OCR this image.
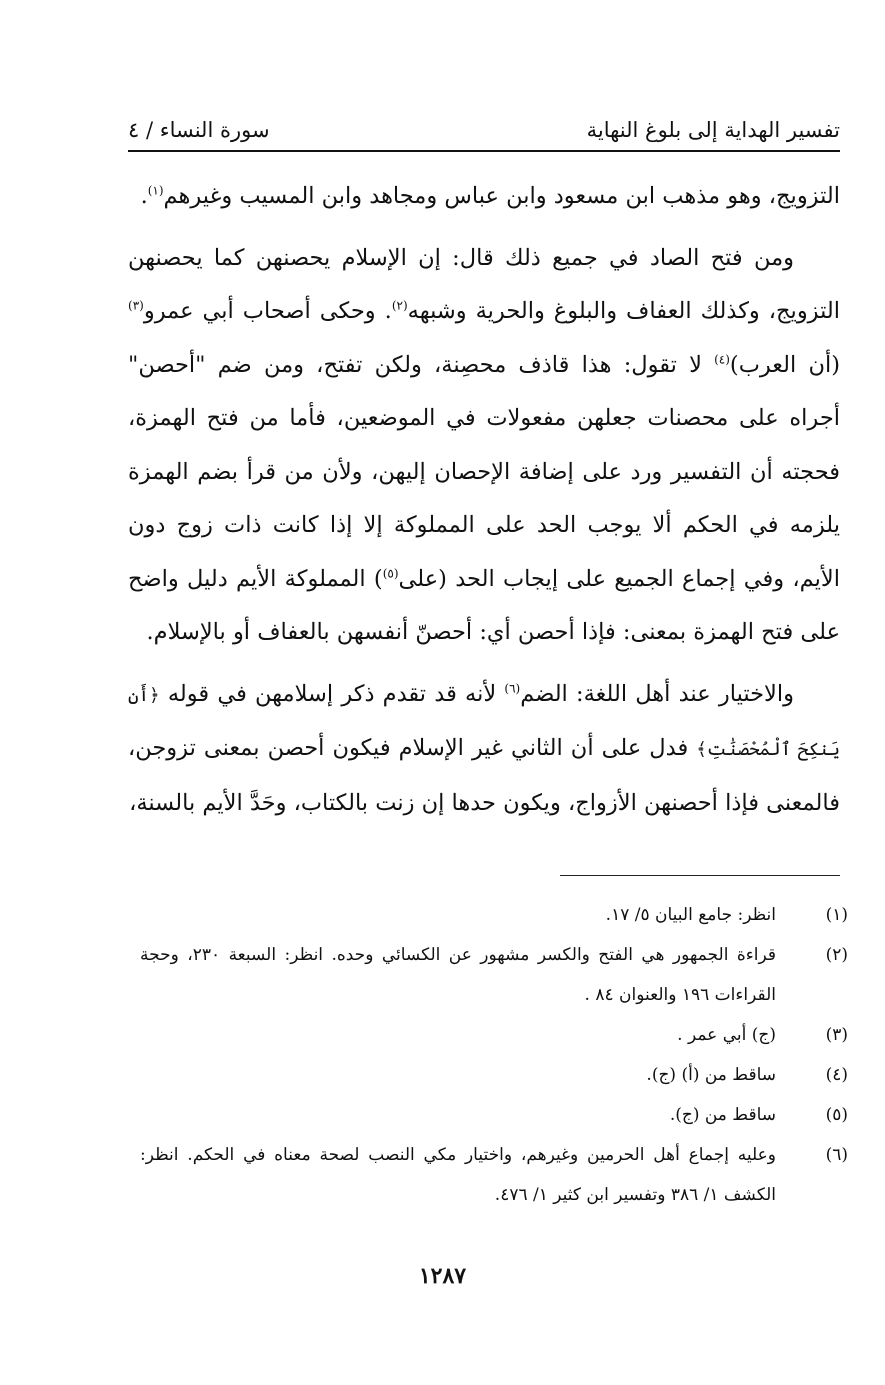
تفسير الهداية إلى بلوغ النهاية
سورة النساء / ٤

التزويج، وهو مذهب ابن مسعود وابن عباس ومجاهد وابن المسيب وغيرهم$^{(١)}$.

ومن فتح الصاد في جميع ذلك قال: إن الإسلام يحصنهن كما يحصنهن التزويج، وكذلك العفاف والبلوغ والحرية وشبهه$^{(٢)}$. وحكى أصحاب أبي عمرو$^{(٣)}$ (أن العرب)$^{(٤)}$ لا تقول: هذا قاذف محصِنة، ولكن تفتح، ومن ضم "أحصن" أجراه على محصنات جعلهن مفعولات في الموضعين، فأما من فتح الهمزة، فحجته أن التفسير ورد على إضافة الإحصان إليهن، ولأن من قرأ بضم الهمزة يلزمه في الحكم ألا يوجب الحد على المملوكة إلا إذا كانت ذات زوج دون الأيم، وفي إجماع الجميع على إيجاب الحد (على$^{(٥)}$) المملوكة الأيم دليل واضح على فتح الهمزة بمعنى: فإذا أحصن أي: أحصنّ أنفسهن بالعفاف أو بالإسلام.

والاختيار عند أهل اللغة: الضم$^{(٦)}$ لأنه قد تقدم ذكر إسلامهن في قوله ﴿أَن يَنكِحَ ٱلْمُحْصَنَٰتِ﴾ فدل على أن الثاني غير الإسلام فيكون أحصن بمعنى تزوجن، فالمعنى فإذا أحصنهن الأزواج، ويكون حدها إن زنت بالكتاب، وحَدَّ الأيم بالسنة،

(١)
انظر: جامع البيان ٥/ ١٧.
(٢)
قراءة الجمهور هي الفتح والكسر مشهور عن الكسائي وحده. انظر: السبعة ٢٣٠، وحجة القراءات ١٩٦ والعنوان ٨٤ .
(٣)
(ج) أبي عمر .
(٤)
ساقط من (أ) (ج).
(٥)
ساقط من (ج).
(٦)
وعليه إجماع أهل الحرمين وغيرهم، واختيار مكي النصب لصحة معناه في الحكم. انظر: الكشف ١/ ٣٨٦ وتفسير ابن كثير ١/ ٤٧٦.
١٢٨٧
